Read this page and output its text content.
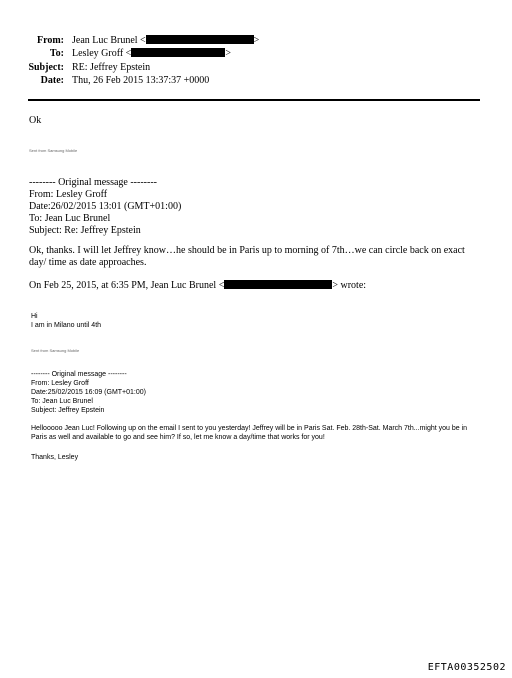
From: Jean Luc Brunel <	>
To: Lesley Groff <	>
Subject: RE: Jeffrey Epstein
Date: Thu, 26 Feb 2015 13:37:37 +0000
Ok
Sent from Samsung Mobile
-------- Original message --------
From: Lesley Groff
Date:26/02/2015 13:01 (GMT+01:00)
To: Jean Luc Brunel
Subject: Re: Jeffrey Epstein
Ok, thanks. I will let Jeffrey know…he should be in Paris up to morning of 7th…we can circle back on exact day/ time as date approaches.
On Feb 25, 2015, at 6:35 PM, Jean Luc Brunel <	> wrote:
Hi
I am in Milano until 4th
Sent from Samsung Mobile
-------- Original message --------
From: Lesley Groff
Date:25/02/2015 16:09 (GMT+01:00)
To: Jean Luc Brunel
Subject: Jeffrey Epstein
Hellooooo Jean Luc! Following up on the email I sent to you yesterday! Jeffrey will be in Paris Sat. Feb. 28th-Sat. March 7th...might you be in Paris as well and available to go and see him? If so, let me know a day/time that works for you!
Thanks, Lesley
EFTA00352502
